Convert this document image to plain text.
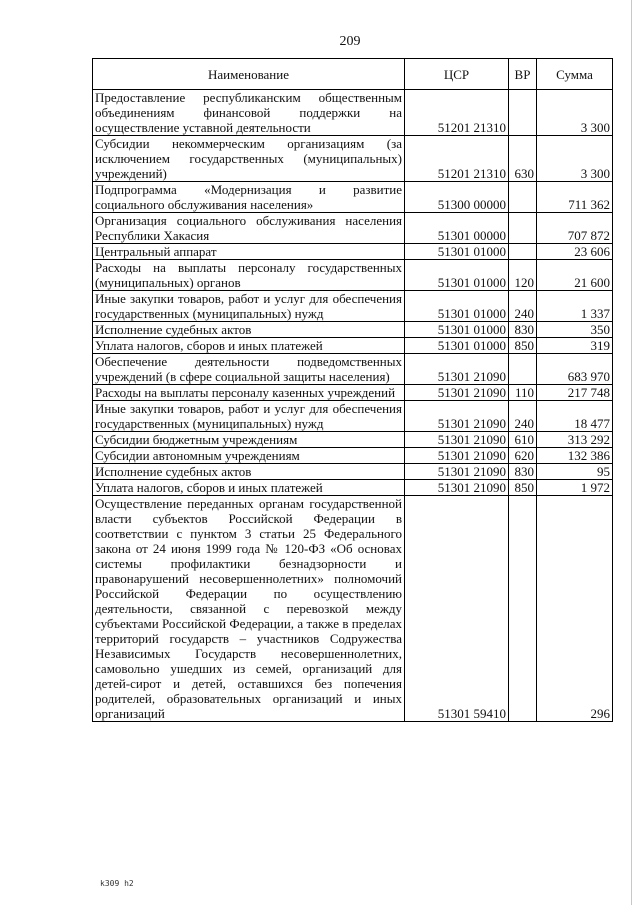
209
Наименование	ЦСР	ВР	Сумма
Предоставление республиканским общественным объединениям финансовой поддержки на осуществление уставной деятельности	51201 21310		3 300
Субсидии некоммерческим организациям (за исключением государственных (муниципальных) учреждений)	51201 21310	630	3 300
Подпрограмма «Модернизация и развитие социального обслуживания населения»	51300 00000		711 362
Организация социального обслуживания населения Республики Хакасия	51301 00000		707 872
Центральный аппарат	51301 01000		23 606
Расходы на выплаты персоналу государственных (муниципальных) органов	51301 01000	120	21 600
Иные закупки товаров, работ и услуг для обеспечения государственных (муниципальных) нужд	51301 01000	240	1 337
Исполнение судебных актов	51301 01000	830	350
Уплата налогов, сборов и иных платежей	51301 01000	850	319
Обеспечение деятельности подведомственных учреждений (в сфере социальной защиты населения)	51301 21090		683 970
Расходы на выплаты персоналу казенных учреждений	51301 21090	110	217 748
Иные закупки товаров, работ и услуг для обеспечения государственных (муниципальных) нужд	51301 21090	240	18 477
Субсидии бюджетным учреждениям	51301 21090	610	313 292
Субсидии автономным учреждениям	51301 21090	620	132 386
Исполнение судебных актов	51301 21090	830	95
Уплата налогов, сборов и иных платежей	51301 21090	850	1 972
Осуществление переданных органам государственной власти субъектов Российской Федерации в соответствии с пунктом 3 статьи 25 Федерального закона от 24 июня 1999 года № 120-ФЗ «Об основах системы профилактики безнадзорности и правонарушений несовершеннолетних» полномочий Российской Федерации по осуществлению деятельности, связанной с перевозкой между субъектами Российской Федерации, а также в пределах территорий государств – участников Содружества Независимых Государств несовершеннолетних, самовольно ушедших из семей, организаций для детей-сирот и детей, оставшихся без попечения родителей, образовательных организаций и иных организаций	51301 59410		296
k309 h2
